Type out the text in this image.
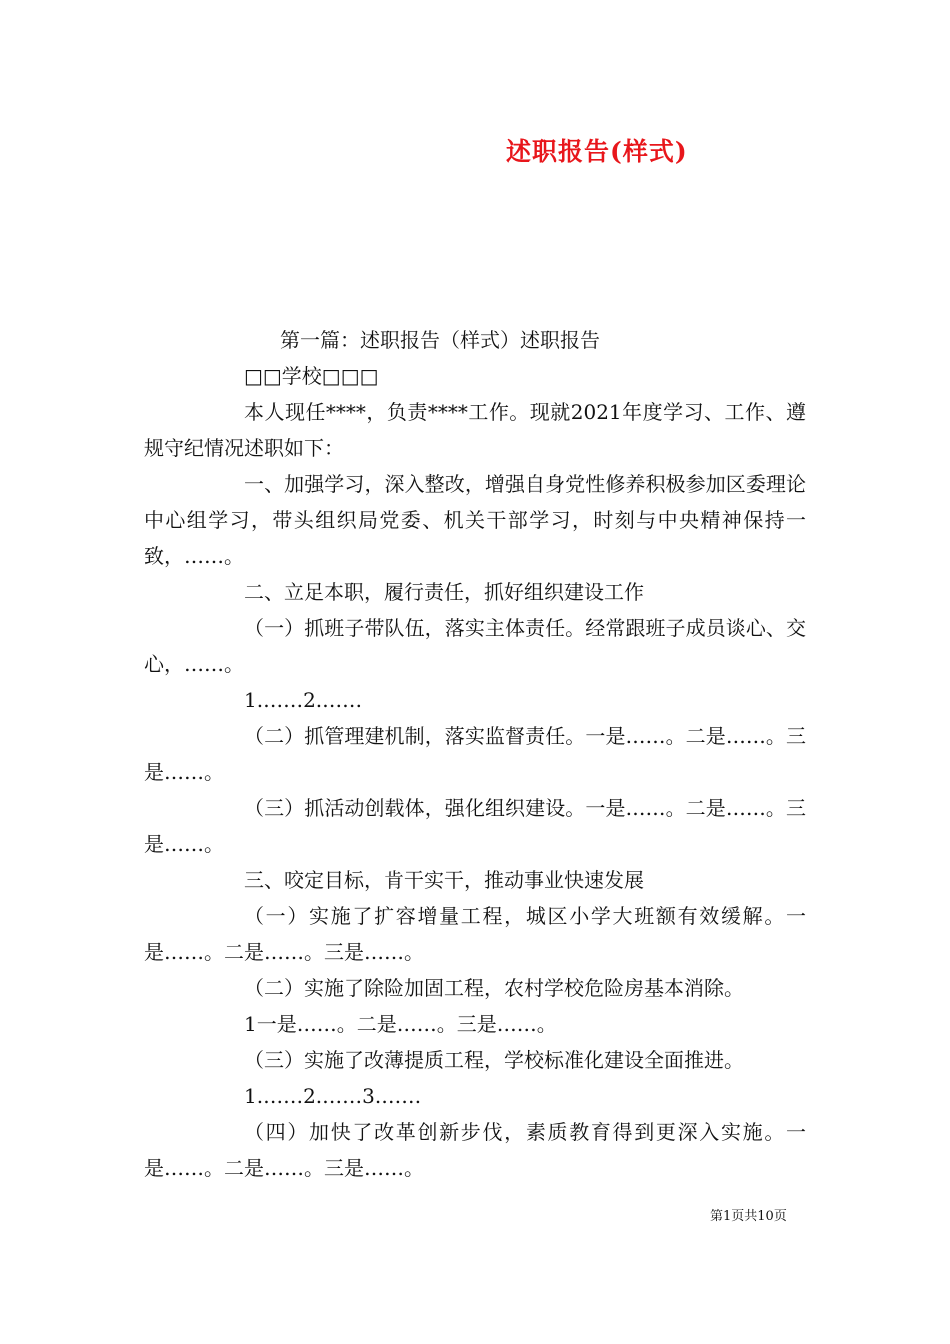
述职报告(样式)

第一篇：述职报告（样式）述职报告

□□学校□□□

本人现任****，负责****工作。现就2021年度学习、工作、遵规守纪情况述职如下：

一、加强学习，深入整改，增强自身党性修养积极参加区委理论中心组学习，带头组织局党委、机关干部学习，时刻与中央精神保持一致，……。

二、立足本职，履行责任，抓好组织建设工作

（一）抓班子带队伍，落实主体责任。经常跟班子成员谈心、交心，……。

1.……2.……

（二）抓管理建机制，落实监督责任。一是……。二是……。三是……。

（三）抓活动创载体，强化组织建设。一是……。二是……。三是……。

三、咬定目标，肯干实干，推动事业快速发展

（一）实施了扩容增量工程，城区小学大班额有效缓解。一是……。二是……。三是……。

（二）实施了除险加固工程，农村学校危险房基本消除。

1一是……。二是……。三是……。

（三）实施了改薄提质工程，学校标准化建设全面推进。

1.……2.……3.……

（四）加快了改革创新步伐，素质教育得到更深入实施。一是……。二是……。三是……。

第1页共10页
